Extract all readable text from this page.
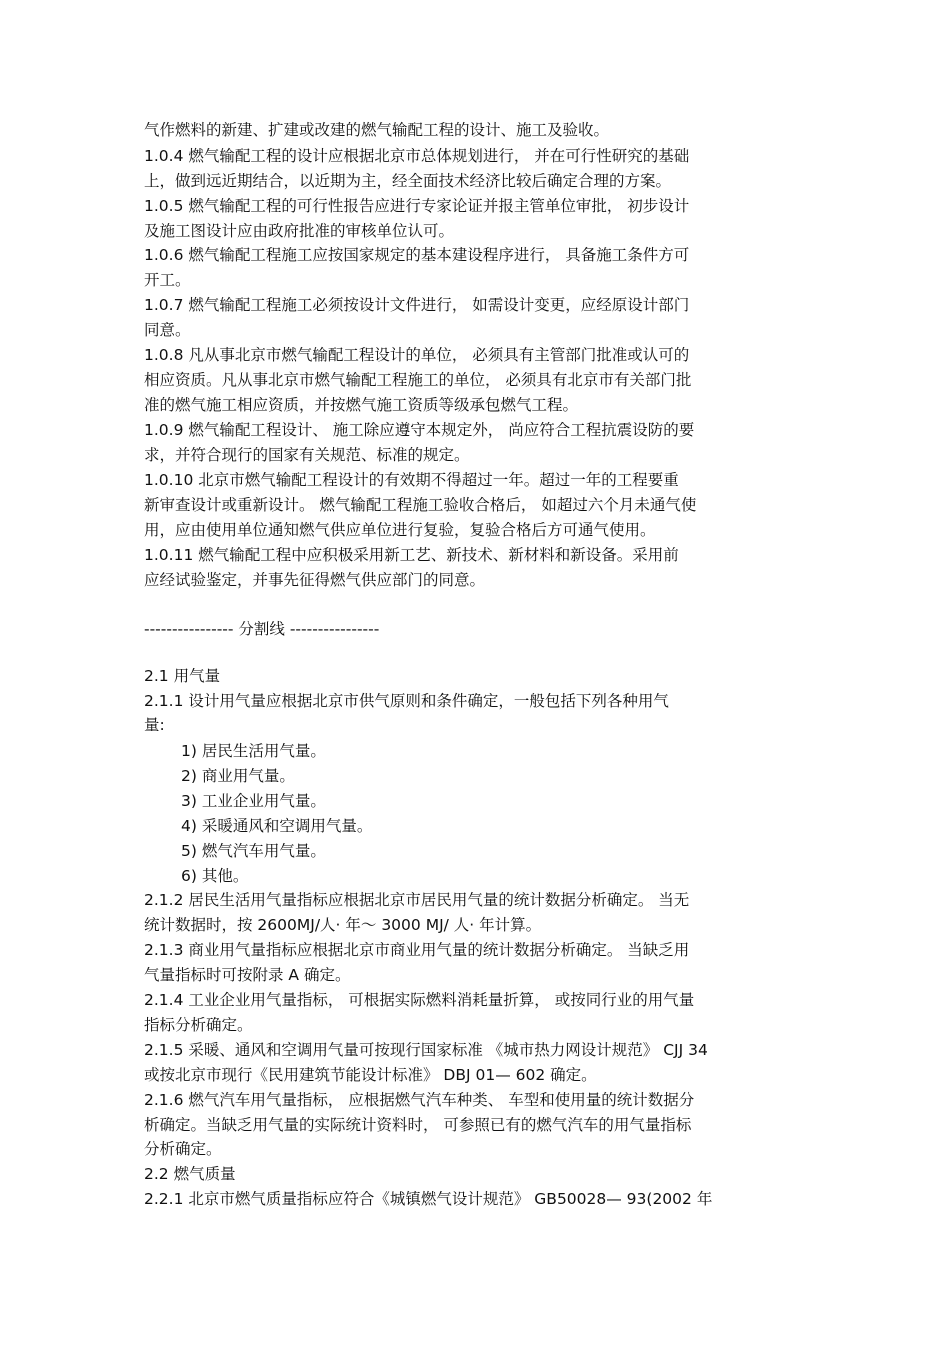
气作燃料的新建、扩建或改建的燃气输配工程的设计、施工及验收。
1.0.4 燃气输配工程的设计应根据北京市总体规划进行， 并在可行性研究的基础
上，做到远近期结合，以近期为主，经全面技术经济比较后确定合理的方案。
1.0.5 燃气输配工程的可行性报告应进行专家论证并报主管单位审批， 初步设计
及施工图设计应由政府批准的审核单位认可。
1.0.6 燃气输配工程施工应按国家规定的基本建设程序进行， 具备施工条件方可
开工。
1.0.7 燃气输配工程施工必须按设计文件进行， 如需设计变更，应经原设计部门
同意。
1.0.8 凡从事北京市燃气输配工程设计的单位， 必须具有主管部门批准或认可的
相应资质。凡从事北京市燃气输配工程施工的单位， 必须具有北京市有关部门批
准的燃气施工相应资质，并按燃气施工资质等级承包燃气工程。
1.0.9 燃气输配工程设计、 施工除应遵守本规定外， 尚应符合工程抗震设防的要
求，并符合现行的国家有关规范、标准的规定。
1.0.10 北京市燃气输配工程设计的有效期不得超过一年。超过一年的工程要重
新审查设计或重新设计。 燃气输配工程施工验收合格后， 如超过六个月未通气使
用，应由使用单位通知燃气供应单位进行复验，复验合格后方可通气使用。
1.0.11 燃气输配工程中应积极采用新工艺、新技术、新材料和新设备。采用前
应经试验鉴定，并事先征得燃气供应部门的同意。
---------------- 分割线 ----------------
2.1 用气量
2.1.1 设计用气量应根据北京市供气原则和条件确定，一般包括下列各种用气
量:
1) 居民生活用气量。
2) 商业用气量。
3) 工业企业用气量。
4) 采暖通风和空调用气量。
5) 燃气汽车用气量。
6) 其他。
2.1.2 居民生活用气量指标应根据北京市居民用气量的统计数据分析确定。 当无
统计数据时，按 2600MJ/人· 年～ 3000 MJ/ 人· 年计算。
2.1.3 商业用气量指标应根据北京市商业用气量的统计数据分析确定。 当缺乏用
气量指标时可按附录 A 确定。
2.1.4 工业企业用气量指标， 可根据实际燃料消耗量折算， 或按同行业的用气量
指标分析确定。
2.1.5 采暖、通风和空调用气量可按现行国家标准 《城市热力网设计规范》 CJJ 34
或按北京市现行《民用建筑节能设计标准》 DBJ 01— 602 确定。
2.1.6 燃气汽车用气量指标， 应根据燃气汽车种类、 车型和使用量的统计数据分
析确定。当缺乏用气量的实际统计资料时， 可参照已有的燃气汽车的用气量指标
分析确定。
2.2 燃气质量
2.2.1 北京市燃气质量指标应符合《城镇燃气设计规范》 GB50028— 93(2002 年
